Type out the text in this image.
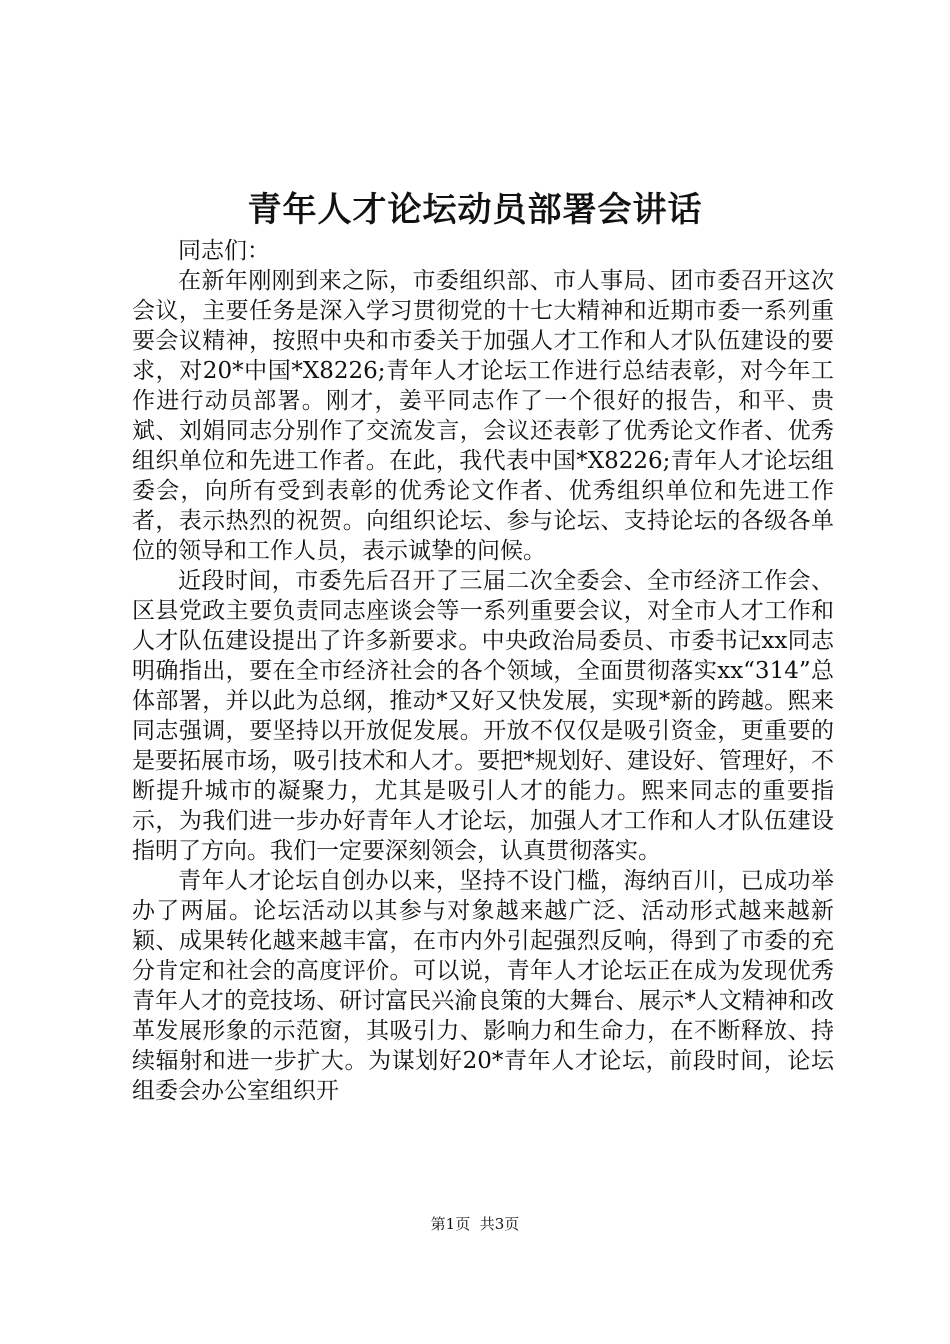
青年人才论坛动员部署会讲话

同志们：

在新年刚刚到来之际，市委组织部、市人事局、团市委召开这次会议，主要任务是深入学习贯彻党的十七大精神和近期市委一系列重要会议精神，按照中央和市委关于加强人才工作和人才队伍建设的要求，对20*中国*X8226;青年人才论坛工作进行总结表彰，对今年工作进行动员部署。刚才，姜平同志作了一个很好的报告，和平、贵斌、刘娟同志分别作了交流发言，会议还表彰了优秀论文作者、优秀组织单位和先进工作者。在此，我代表中国*X8226;青年人才论坛组委会，向所有受到表彰的优秀论文作者、优秀组织单位和先进工作者，表示热烈的祝贺。向组织论坛、参与论坛、支持论坛的各级各单位的领导和工作人员，表示诚挚的问候。

近段时间，市委先后召开了三届二次全委会、全市经济工作会、区县党政主要负责同志座谈会等一系列重要会议，对全市人才工作和人才队伍建设提出了许多新要求。中央政治局委员、市委书记xx同志明确指出，要在全市经济社会的各个领域，全面贯彻落实xx“314”总体部署，并以此为总纲，推动*又好又快发展，实现*新的跨越。熙来同志强调，要坚持以开放促发展。开放不仅仅是吸引资金，更重要的是要拓展市场，吸引技术和人才。要把*规划好、建设好、管理好，不断提升城市的凝聚力，尤其是吸引人才的能力。熙来同志的重要指示，为我们进一步办好青年人才论坛，加强人才工作和人才队伍建设指明了方向。我们一定要深刻领会，认真贯彻落实。

青年人才论坛自创办以来，坚持不设门槛，海纳百川，已成功举办了两届。论坛活动以其参与对象越来越广泛、活动形式越来越新颖、成果转化越来越丰富，在市内外引起强烈反响，得到了市委的充分肯定和社会的高度评价。可以说，青年人才论坛正在成为发现优秀青年人才的竞技场、研讨富民兴渝良策的大舞台、展示*人文精神和改革发展形象的示范窗，其吸引力、影响力和生命力，在不断释放、持续辐射和进一步扩大。为谋划好20*青年人才论坛，前段时间，论坛组委会办公室组织开

第1页 共3页
